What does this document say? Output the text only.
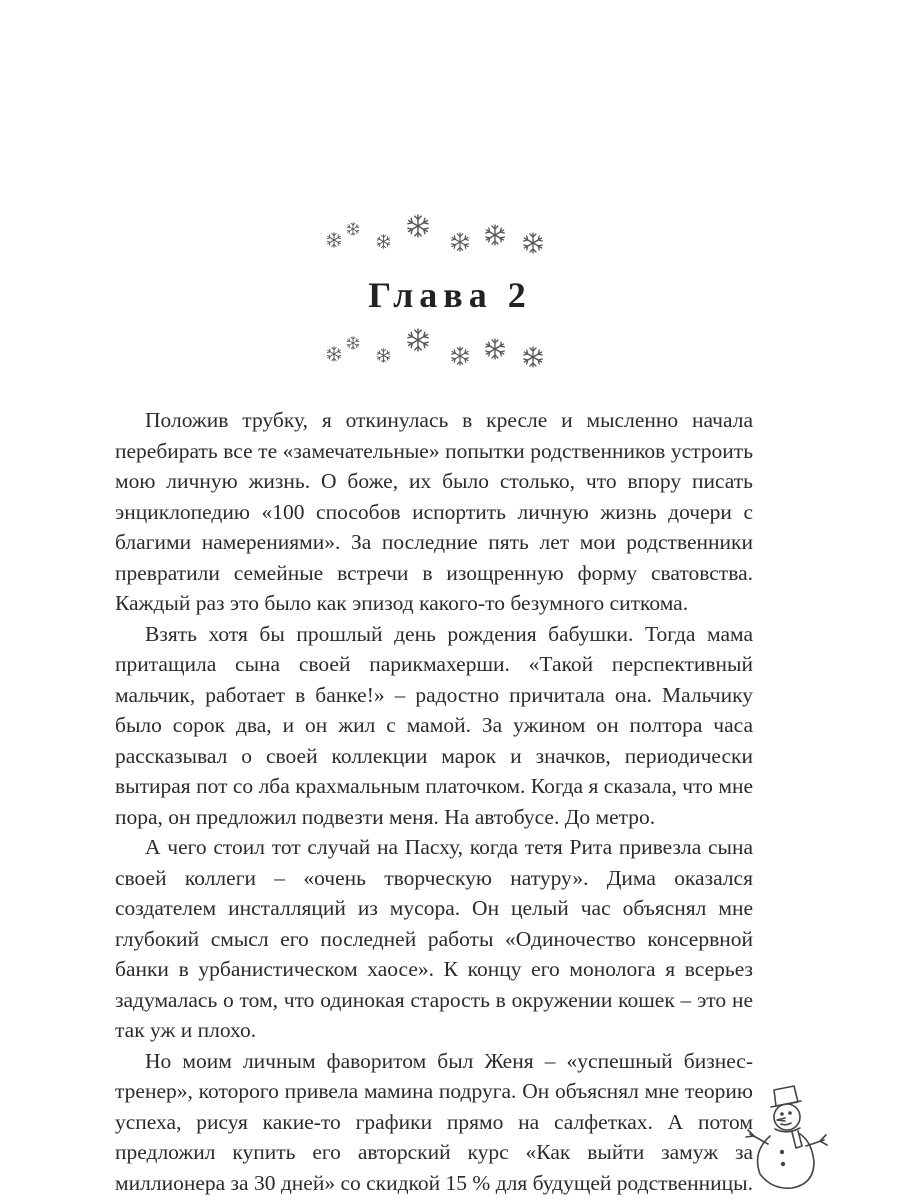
Глава 2

Положив трубку, я откинулась в кресле и мысленно начала перебирать все те «замечательные» попытки родственников устроить мою личную жизнь. О боже, их было столько, что впору писать энциклопедию «100 способов испортить личную жизнь дочери с благими намерениями». За последние пять лет мои родственники превратили семейные встречи в изощренную форму сватовства. Каждый раз это было как эпизод какого-то безумного ситкома.

Взять хотя бы прошлый день рождения бабушки. Тогда мама притащила сына своей парикмахерши. «Такой перспективный мальчик, работает в банке!» – радостно причитала она. Мальчику было сорок два, и он жил с мамой. За ужином он полтора часа рассказывал о своей коллекции марок и значков, периодически вытирая пот со лба крахмальным платочком. Когда я сказала, что мне пора, он предложил подвезти меня. На автобусе. До метро.

А чего стоил тот случай на Пасху, когда тетя Рита привезла сына своей коллеги – «очень творческую натуру». Дима оказался создателем инсталляций из мусора. Он целый час объяснял мне глубокий смысл его последней работы «Одиночество консервной банки в урбанистическом хаосе». К концу его монолога я всерьез задумалась о том, что одинокая старость в окружении кошек – это не так уж и плохо.

Но моим личным фаворитом был Женя – «успешный бизнес-тренер», которого привела мамина подруга. Он объяснял мне теорию успеха, рисуя какие-то графики прямо на салфетках. А потом предложил купить его авторский курс «Как выйти замуж за миллионера за 30 дней» со скидкой 15 % для будущей родственницы.
